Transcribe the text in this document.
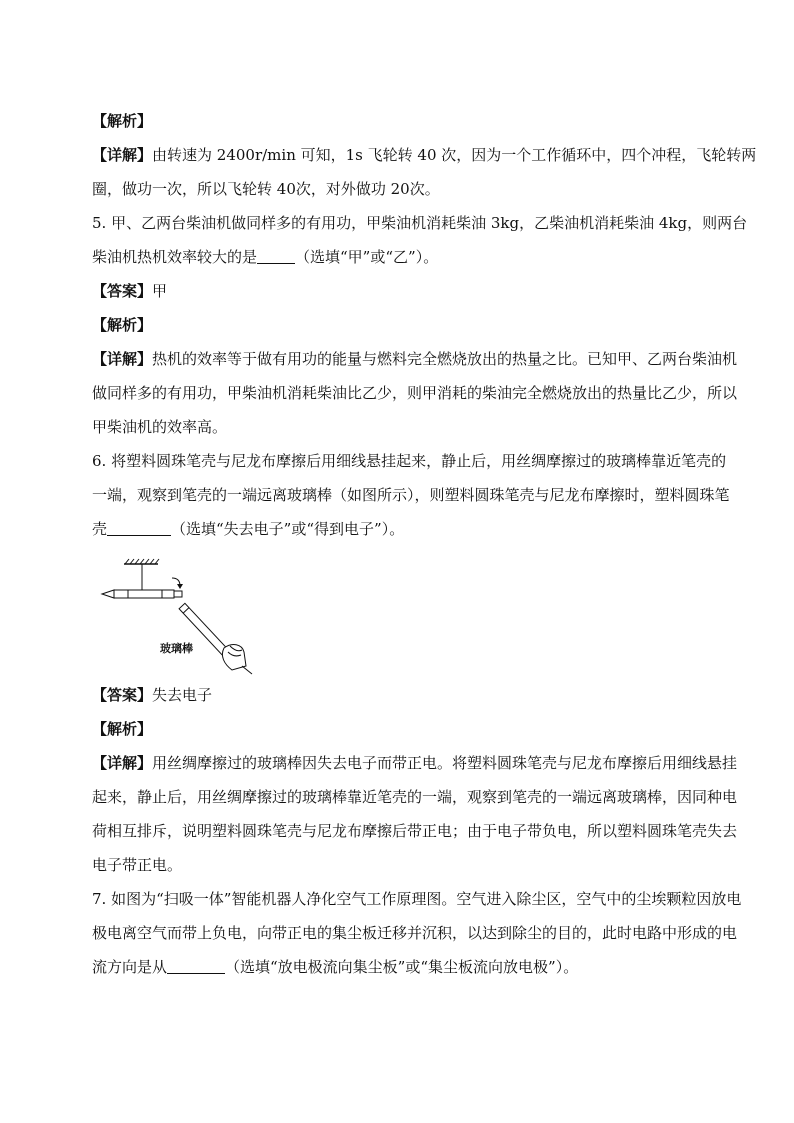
【解析】
【详解】由转速为 2400r/min 可知，1s 飞轮转 40 次，因为一个工作循环中，四个冲程，飞轮转两
圈，做功一次，所以飞轮转 40次，对外做功 20次。
5. 甲、乙两台柴油机做同样多的有用功，甲柴油机消耗柴油 3kg，乙柴油机消耗柴油 4kg，则两台
柴油机热机效率较大的是	（选填“甲”或“乙”）。
【答案】甲
【解析】
【详解】热机的效率等于做有用功的能量与燃料完全燃烧放出的热量之比。已知甲、乙两台柴油机
做同样多的有用功，甲柴油机消耗柴油比乙少，则甲消耗的柴油完全燃烧放出的热量比乙少，所以
甲柴油机的效率高。
6. 将塑料圆珠笔壳与尼龙布摩擦后用细线悬挂起来，静止后，用丝绸摩擦过的玻璃棒靠近笔壳的
一端，观察到笔壳的一端远离玻璃棒（如图所示），则塑料圆珠笔壳与尼龙布摩擦时，塑料圆珠笔
壳	（选填“失去电子”或“得到电子”）。
玻璃棒
【答案】失去电子
【解析】
【详解】用丝绸摩擦过的玻璃棒因失去电子而带正电。将塑料圆珠笔壳与尼龙布摩擦后用细线悬挂
起来，静止后，用丝绸摩擦过的玻璃棒靠近笔壳的一端，观察到笔壳的一端远离玻璃棒，因同种电
荷相互排斥，说明塑料圆珠笔壳与尼龙布摩擦后带正电；由于电子带负电，所以塑料圆珠笔壳失去
电子带正电。
7. 如图为“扫吸一体”智能机器人净化空气工作原理图。空气进入除尘区，空气中的尘埃颗粒因放电
极电离空气而带上负电，向带正电的集尘板迁移并沉积，以达到除尘的目的，此时电路中形成的电
流方向是从	（选填“放电极流向集尘板”或“集尘板流向放电极”）。
